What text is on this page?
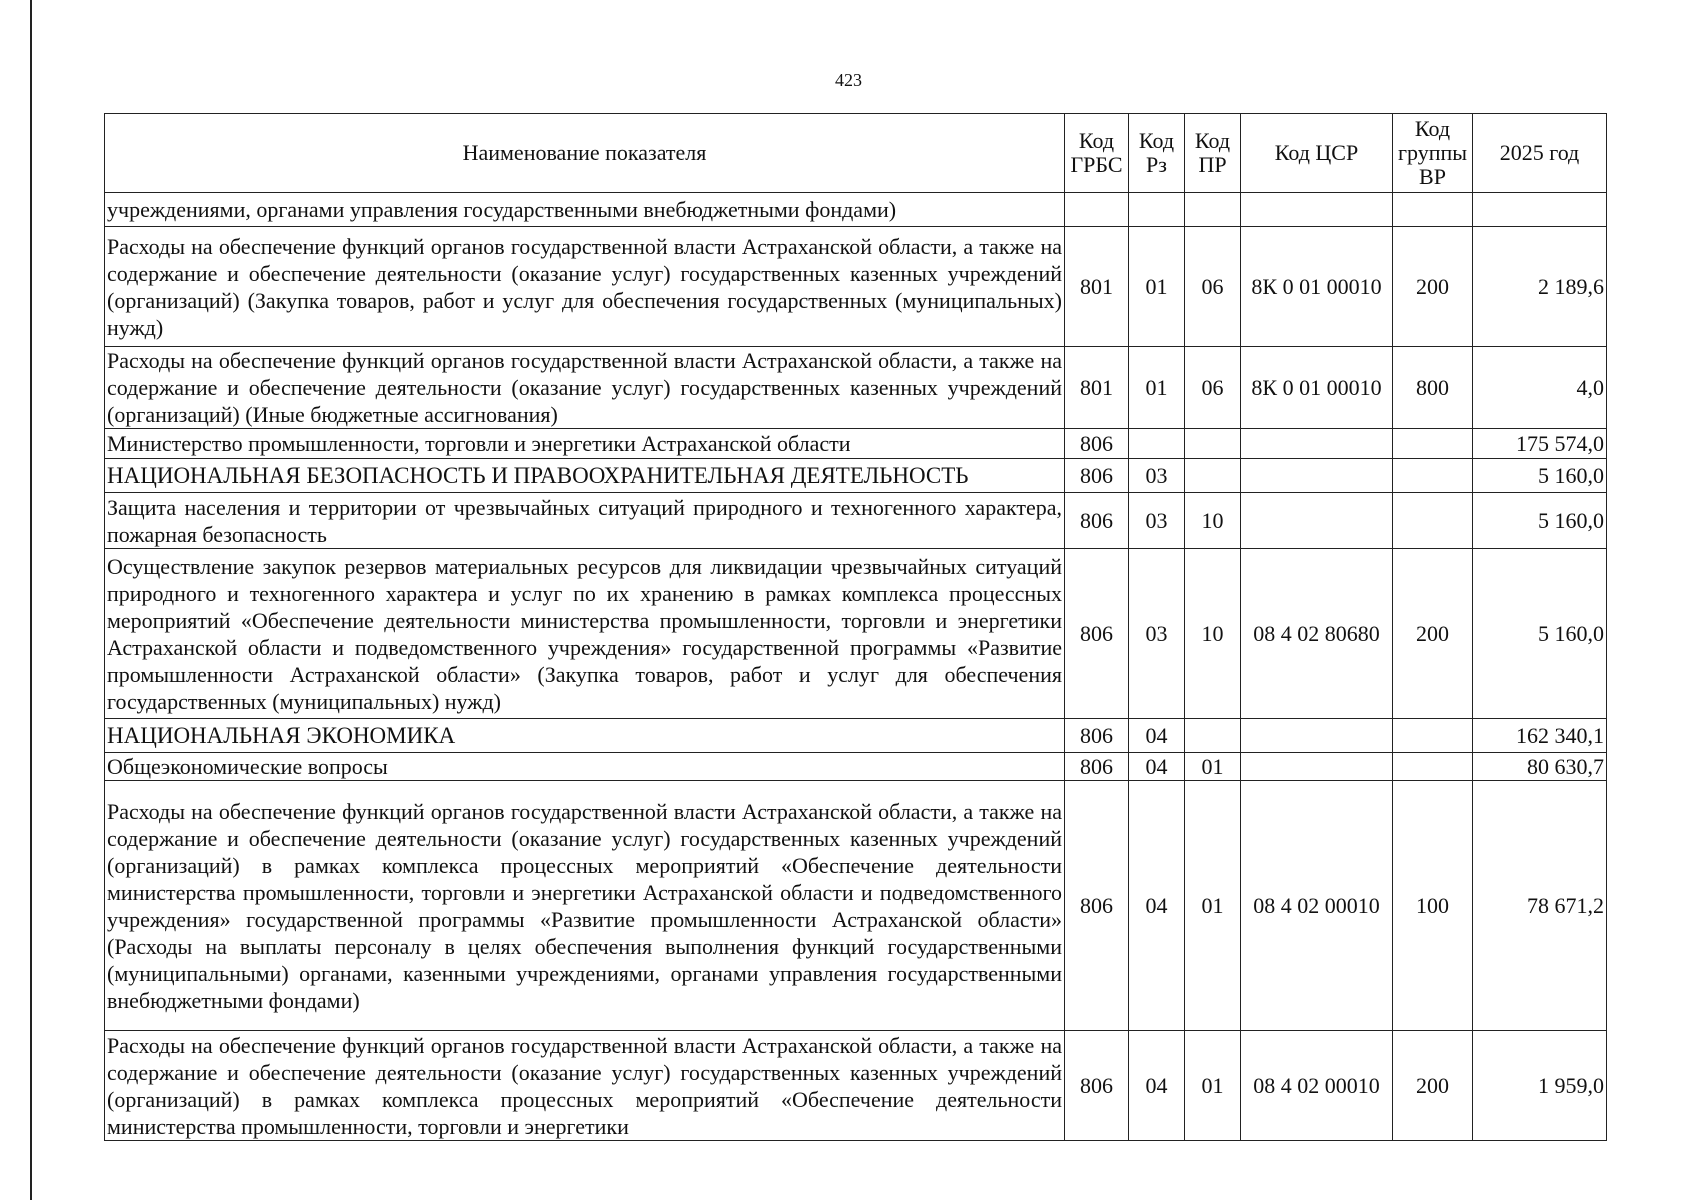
423
Наименование показателя	Код ГРБС	Код Рз	Код ПР	Код ЦСР	Код группы ВР	2025 год
учреждениями, органами управления государственными внебюджетными фондами)						
Расходы на обеспечение функций органов государственной власти Астраханской области, а также на содержание и обеспечение деятельности (оказание услуг) государственных казенных учреждений (организаций) (Закупка товаров, работ и услуг для обеспечения государственных (муниципальных) нужд)	801	01	06	8К 0 01 00010	200	2 189,6
Расходы на обеспечение функций органов государственной власти Астраханской области, а также на содержание и обеспечение деятельности (оказание услуг) государственных казенных учреждений (организаций) (Иные бюджетные ассигнования)	801	01	06	8К 0 01 00010	800	4,0
Министерство промышленности, торговли и энергетики Астраханской области	806					175 574,0
НАЦИОНАЛЬНАЯ БЕЗОПАСНОСТЬ И ПРАВООХРАНИТЕЛЬНАЯ ДЕЯТЕЛЬНОСТЬ	806	03				5 160,0
Защита населения и территории от чрезвычайных ситуаций природного и техногенного характера, пожарная безопасность	806	03	10			5 160,0
Осуществление закупок резервов материальных ресурсов для ликвидации чрезвычайных ситуаций природного и техногенного характера и услуг по их хранению в рамках комплекса процессных мероприятий «Обеспечение деятельности министерства промышленности, торговли и энергетики Астраханской области и подведомственного учреждения» государственной программы «Развитие промышленности Астраханской области» (Закупка товаров, работ и услуг для обеспечения государственных (муниципальных) нужд)	806	03	10	08 4 02 80680	200	5 160,0
НАЦИОНАЛЬНАЯ ЭКОНОМИКА	806	04				162 340,1
Общеэкономические вопросы	806	04	01			80 630,7
Расходы на обеспечение функций органов государственной власти Астраханской области, а также на содержание и обеспечение деятельности (оказание услуг) государственных казенных учреждений (организаций) в рамках комплекса процессных мероприятий «Обеспечение деятельности министерства промышленности, торговли и энергетики Астраханской области и подведомственного учреждения» государственной программы «Развитие промышленности Астраханской области» (Расходы на выплаты персоналу в целях обеспечения выполнения функций государственными (муниципальными) органами, казенными учреждениями, органами управления государственными внебюджетными фондами)	806	04	01	08 4 02 00010	100	78 671,2
Расходы на обеспечение функций органов государственной власти Астраханской области, а также на содержание и обеспечение деятельности (оказание услуг) государственных казенных учреждений (организаций) в рамках комплекса процессных мероприятий «Обеспечение деятельности министерства промышленности, торговли и энергетики	806	04	01	08 4 02 00010	200	1 959,0
